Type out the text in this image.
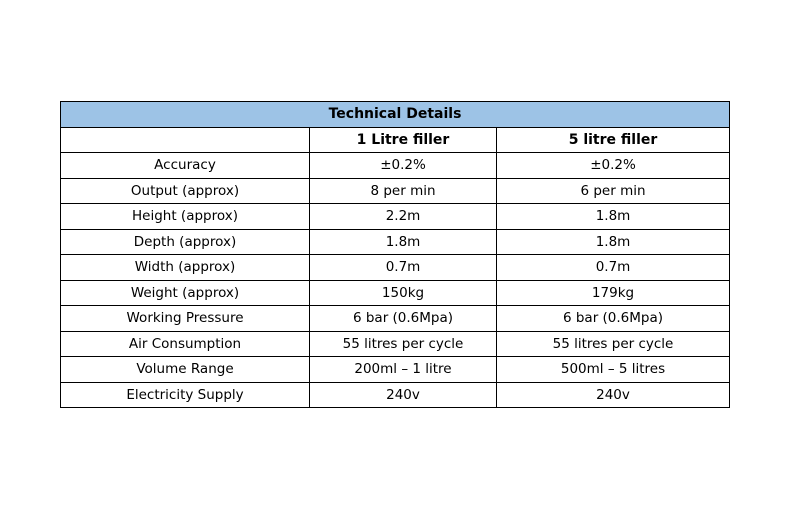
Technical Details		
	1 Litre filler	5 litre filler
Accuracy	±0.2%	±0.2%
Output (approx)	8 per min	6 per min
Height (approx)	2.2m	1.8m
Depth (approx)	1.8m	1.8m
Width (approx)	0.7m	0.7m
Weight (approx)	150kg	179kg
Working Pressure	6 bar (0.6Mpa)	6 bar (0.6Mpa)
Air Consumption	55 litres per cycle	55 litres per cycle
Volume Range	200ml – 1 litre	500ml – 5 litres
Electricity Supply	240v	240v
